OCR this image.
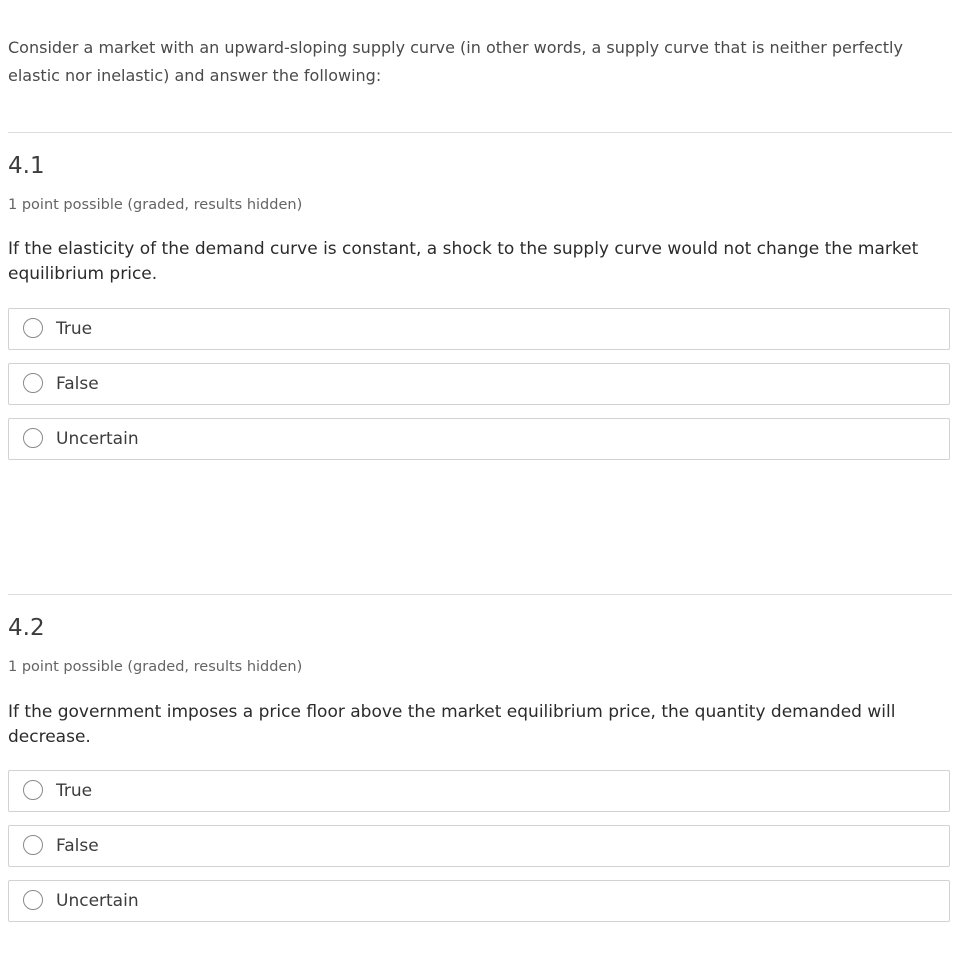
Consider a market with an upward-sloping supply curve (in other words, a supply curve that is neither perfectly elastic nor inelastic) and answer the following:

4.1
1 point possible (graded, results hidden)
If the elasticity of the demand curve is constant, a shock to the supply curve would not change the market equilibrium price.
True
False
Uncertain
4.2
1 point possible (graded, results hidden)
If the government imposes a price floor above the market equilibrium price, the quantity demanded will decrease.
True
False
Uncertain
